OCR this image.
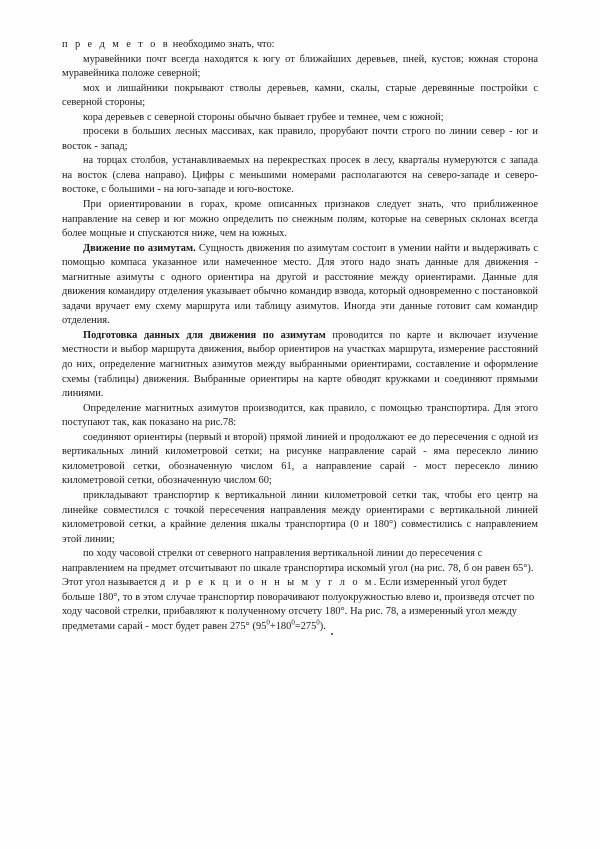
п р е д м е т о в необходимо знать, что:

муравейники почт всегда находятся к югу от ближайших деревьев, пней, кустов; южная сторона муравейника положе северной;

мох и лишайники покрывают стволы деревьев, камни, скалы, старые деревянные постройки с северной стороны;

кора деревьев с северной стороны обычно бывает грубее и темнее, чем с южной;

просеки в больших лесных массивах, как правило, прорубают почти строго по линии север - юг и восток - запад;

на торцах столбов, устанавливаемых на перекрестках просек в лесу, кварталы нумеруются с запада на восток (слева направо). Цифры с меньшими номерами располагаются на северо-западе и северо-востоке, с большими - на юго-западе и юго-востоке.

При ориентировании в горах, кроме описанных признаков следует знать, что приближенное направление на север и юг можно определить по снежным полям, которые на северных склонах всегда более мощные и спускаются ниже, чем на южных.

Движение по азимутам. Сущность движения по азимутам состоит в умении найти и выдерживать с помощью компаса указанное или намеченное место. Для этого надо знать данные для движения - магнитные азимуты с одного ориентира на другой и расстояние между ориентирами. Данные для движения командиру отделения указывает обычно командир взвода, который одновременно с постановкой задачи вручает ему схему маршрута или таблицу азимутов. Иногда эти данные готовит сам командир отделения.

Подготовка данных для движения по азимутам проводится по карте и включает изучение местности и выбор маршрута движения, выбор ориентиров на участках маршрута, измерение расстояний до них, определение магнитных азимутов между выбранными ориентирами, составление и оформление схемы (таблицы) движения. Выбранные ориентиры на карте обводят кружками и соединяют прямыми линиями.

Определение магнитных азимутов производится, как правило, с помощью транспортира. Для этого поступают так, как показано на рис.78:

соединяют ориентиры (первый и второй) прямой линией и продолжают ее до пересечения с одной из вертикальных линий километровой сетки; на рисунке направление сарай - яма пересекло линию километровой сетки, обозначенную числом 61, а направление сарай - мост пересекло линию километровой сетки, обозначенную числом 60;

прикладывают транспортир к вертикальной линии километровой сетки так, чтобы его центр на линейке совместился с точкой пересечения направления между ориентирами с вертикальной линией километровой сетки, а крайние деления шкалы транспортира (0 и 180°) совместились с направлением этой линии;

по ходу часовой стрелки от северного направления вертикальной линии до пересечения с направлением на предмет отсчитывают по шкале транспортира искомый угол (на рис. 78, б он равен 65°). Этот угол называется д и р е к ц и о н н ы м у г л о м. Если измеренный угол будет больше 180°, то в этом случае транспортир поворачивают полуокружностью влево и, произведя отсчет по ходу часовой стрелки, прибавляют к полученному отсчету 180°. На рис. 78, а измеренный угол между предметами сарай - мост будет равен 275° $(95^0+180^0=275^0)$.
